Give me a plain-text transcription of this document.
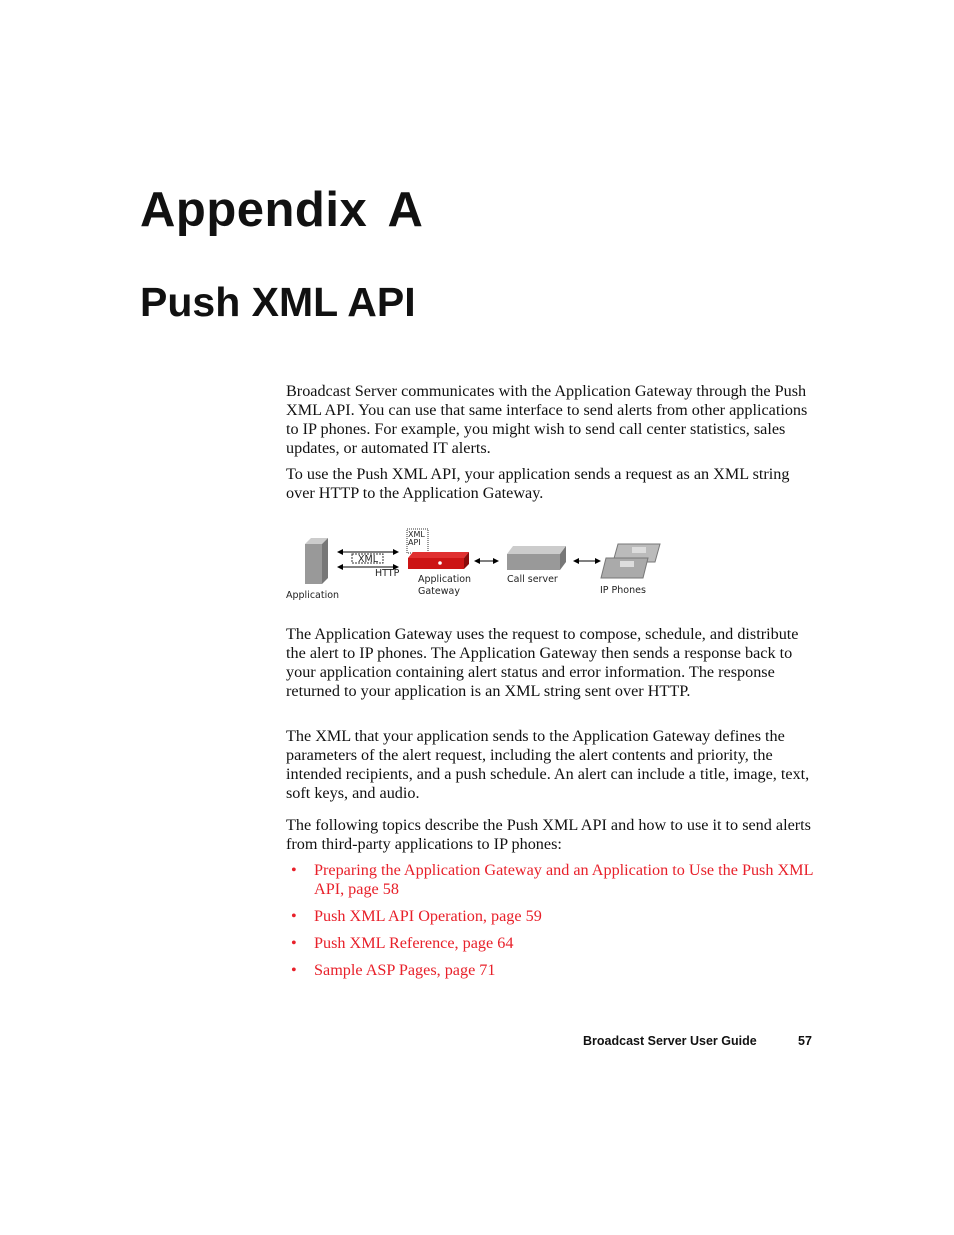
Appendix A
Push XML API

Broadcast Server communicates with the Application Gateway through the Push XML API. You can use that same interface to send alerts from other applications to IP phones. For example, you might wish to send call center statistics, sales updates, or automated IT alerts.

To use the Push XML API, your application sends a request as an XML string over HTTP to the Application Gateway.

XML
HTTP
Application
XML
API
Application
Gateway
Call server
IP Phones

The Application Gateway uses the request to compose, schedule, and distribute the alert to IP phones. The Application Gateway then sends a response back to your application containing alert status and error information. The response returned to your application is an XML string sent over HTTP.

The XML that your application sends to the Application Gateway defines the parameters of the alert request, including the alert contents and priority, the intended recipients, and a push schedule. An alert can include a title, image, text, soft keys, and audio.

The following topics describe the Push XML API and how to use it to send alerts from third-party applications to IP phones:

• Preparing the Application Gateway and an Application to Use the Push XML API, page 58
• Push XML API Operation, page 59
• Push XML Reference, page 64
• Sample ASP Pages, page 71
Broadcast Server User Guide	57
